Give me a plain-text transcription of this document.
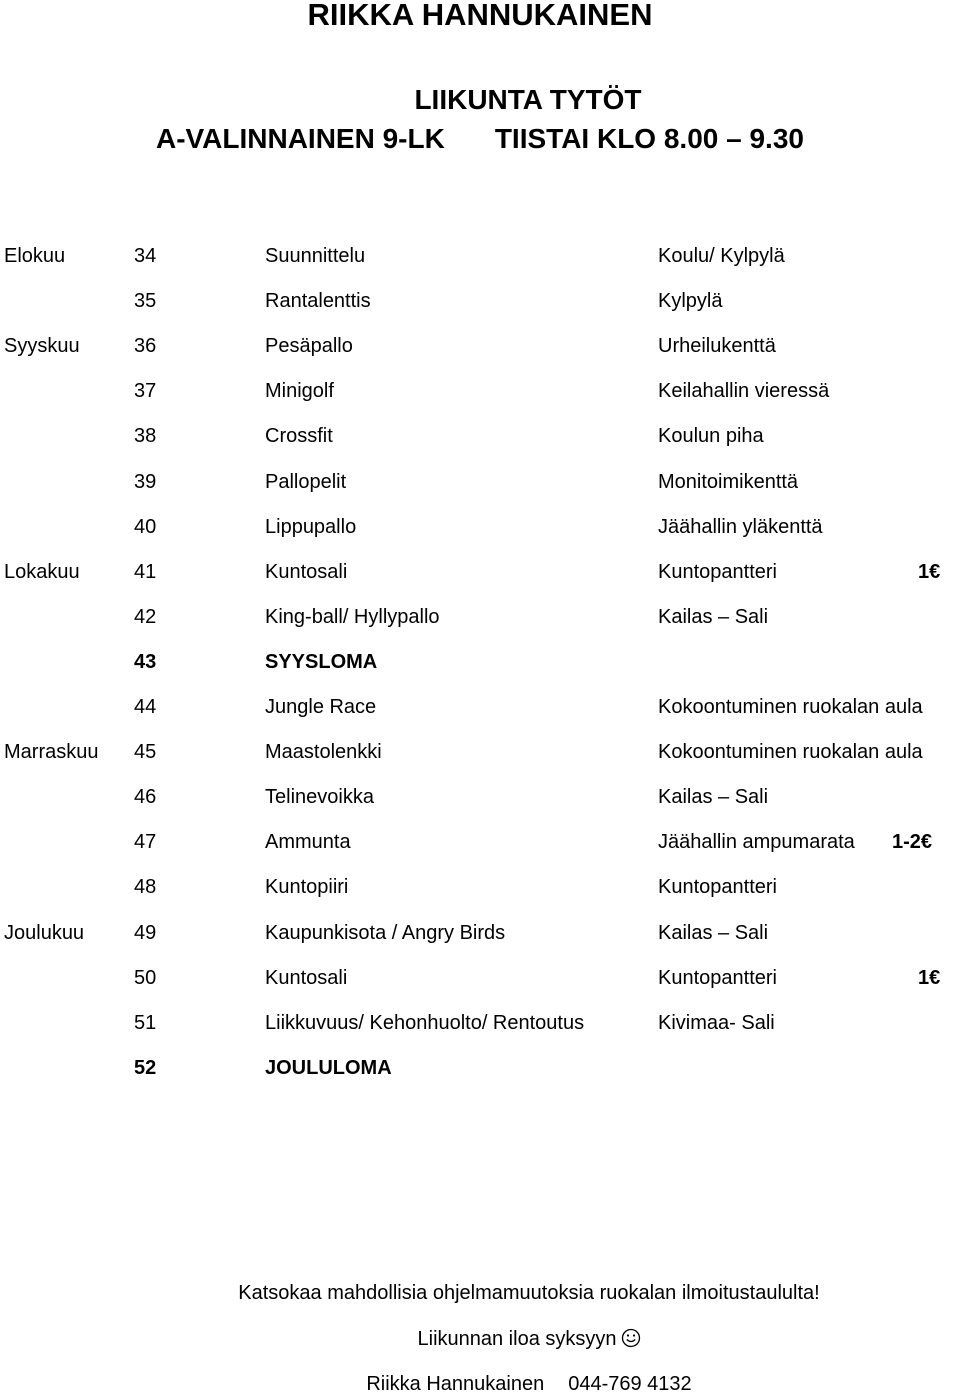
RIIKKA HANNUKAINEN
LIIKUNTA TYTÖT
A-VALINNAINEN 9-LK TIISTAI KLO 8.00 – 9.30
Elokuu	34	Suunnittelu	Koulu/ Kylpylä
35	Rantalenttis	Kylpylä
Syyskuu	36	Pesäpallo	Urheilukenttä
37	Minigolf	Keilahallin vieressä
38	Crossfit	Koulun piha
39	Pallopelit	Monitoimikenttä
40	Lippupallo	Jäähallin yläkenttä
Lokakuu	41	Kuntosali	Kuntopantteri	1€
42	King-ball/ Hyllypallo	Kailas – Sali
43	SYYSLOMA
44	Jungle Race	Kokoontuminen ruokalan aula
Marraskuu 45	Maastolenkki	Kokoontuminen ruokalan aula
46	Telinevoikka	Kailas – Sali
47	Ammunta	Jäähallin ampumarata 1-2€
48	Kuntopiiri	Kuntopantteri
Joulukuu 49	Kaupunkisota / Angry Birds	Kailas – Sali
50	Kuntosali	Kuntopantteri	1€
51	Liikkuvuus/ Kehonhuolto/ Rentoutus	Kivimaa- Sali
52	JOULULOMA
Katsokaa mahdollisia ohjelmamuutoksia ruokalan ilmoitustaululta!
Liikunnan iloa syksyyn
Riikka Hannukainen 044-769 4132
